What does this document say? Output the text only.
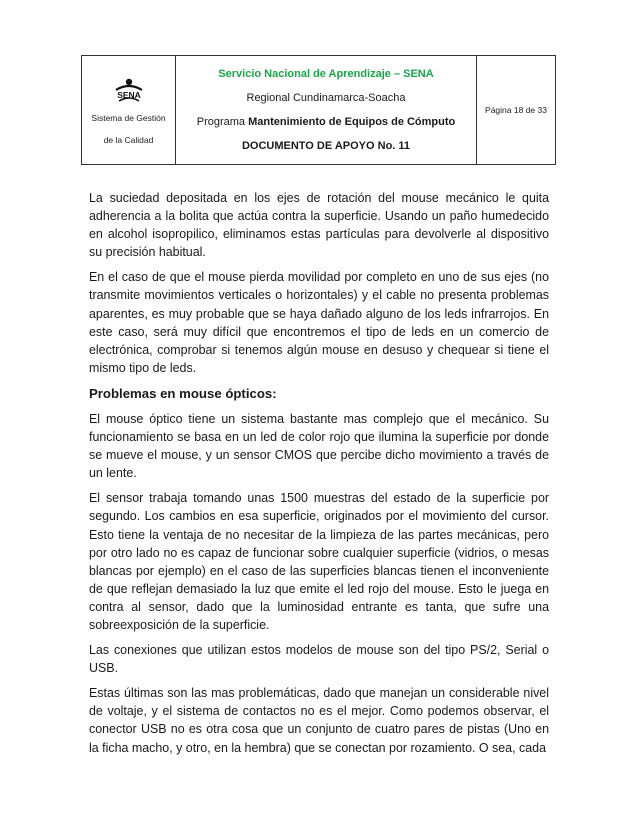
SENA
Sistema de Gestión
de la Calidad

Servicio Nacional de Aprendizaje – SENA
Regional Cundinamarca-Soacha
Programa Mantenimiento de Equipos de Cómputo
DOCUMENTO DE APOYO No. 11

Página 18 de 33

La suciedad depositada en los ejes de rotación del mouse mecánico le quita adherencia a la bolita que actúa contra la superficie. Usando un paño humedecido en alcohol isopropilico, eliminamos estas partículas para devolverle al dispositivo su precisión habitual.

En el caso de que el mouse pierda movilidad por completo en uno de sus ejes (no transmite movimientos verticales o horizontales) y el cable no presenta problemas aparentes, es muy probable que se haya dañado alguno de los leds infrarrojos. En este caso, será muy difícil que encontremos el tipo de leds en un comercio de electrónica, comprobar si tenemos algún mouse en desuso y chequear si tiene el mismo tipo de leds.

Problemas en mouse ópticos:

El mouse óptico tiene un sistema bastante mas complejo que el mecánico. Su funcionamiento se basa en un led de color rojo que ilumina la superficie por donde se mueve el mouse, y un sensor CMOS que percibe dicho movimiento a través de un lente.

El sensor trabaja tomando unas 1500 muestras del estado de la superficie por segundo. Los cambios en esa superficie, originados por el movimiento del cursor. Esto tiene la ventaja de no necesitar de la limpieza de las partes mecánicas, pero por otro lado no es capaz de funcionar sobre cualquier superficie (vidrios, o mesas blancas por ejemplo) en el caso de las superficies blancas tienen el inconveniente de que reflejan demasiado la luz que emite el led rojo del mouse. Esto le juega en contra al sensor, dado que la luminosidad entrante es tanta, que sufre una sobreexposición de la superficie.

Las conexiones que utilizan estos modelos de mouse son del tipo PS/2, Serial o USB.

Estas últimas son las mas problemáticas, dado que manejan un considerable nivel de voltaje, y el sistema de contactos no es el mejor. Como podemos observar, el conector USB no es otra cosa que un conjunto de cuatro pares de pistas (Uno en la ficha macho, y otro, en la hembra) que se conectan por rozamiento. O sea, cada
